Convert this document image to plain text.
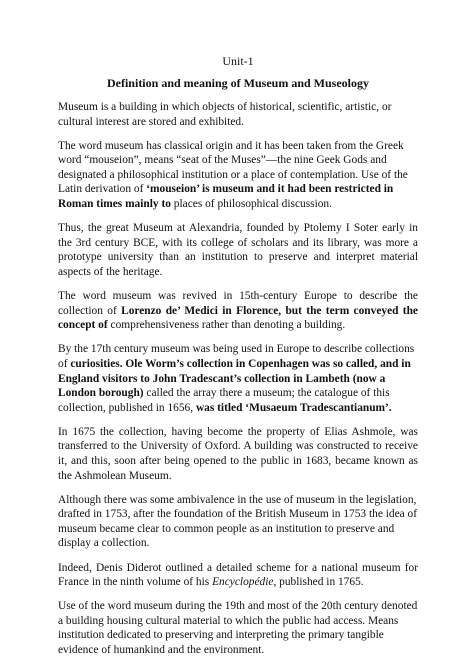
Unit-1
Definition and meaning of Museum and Museology

Museum is a building in which objects of historical, scientific, artistic, or cultural interest are stored and exhibited.

The word museum has classical origin and it has been taken from the Greek word “mouseion”, means “seat of the Muses”—the nine Geek Gods and designated a philosophical institution or a place of contemplation. Use of the Latin derivation of ‘mouseion’ is museum and it had been restricted in Roman times mainly to places of philosophical discussion.

Thus, the great Museum at Alexandria, founded by Ptolemy I Soter early in the 3rd century BCE, with its college of scholars and its library, was more a prototype university than an institution to preserve and interpret material aspects of the heritage.

The word museum was revived in 15th-century Europe to describe the collection of Lorenzo de’ Medici in Florence, but the term conveyed the concept of comprehensiveness rather than denoting a building.

By the 17th century museum was being used in Europe to describe collections of curiosities. Ole Worm’s collection in Copenhagen was so called, and in England visitors to John Tradescant’s collection in Lambeth (now a London borough) called the array there a museum; the catalogue of this collection, published in 1656, was titled ‘Musaeum Tradescantianum’.

In 1675 the collection, having become the property of Elias Ashmole, was transferred to the University of Oxford. A building was constructed to receive it, and this, soon after being opened to the public in 1683, became known as the Ashmolean Museum.

Although there was some ambivalence in the use of museum in the legislation, drafted in 1753, after the foundation of the British Museum in 1753 the idea of museum became clear to common people as an institution to preserve and display a collection.

Indeed, Denis Diderot outlined a detailed scheme for a national museum for France in the ninth volume of his Encyclopédie, published in 1765.

Use of the word museum during the 19th and most of the 20th century denoted a building housing cultural material to which the public had access. Means institution dedicated to preserving and interpreting the primary tangible evidence of humankind and the environment.
